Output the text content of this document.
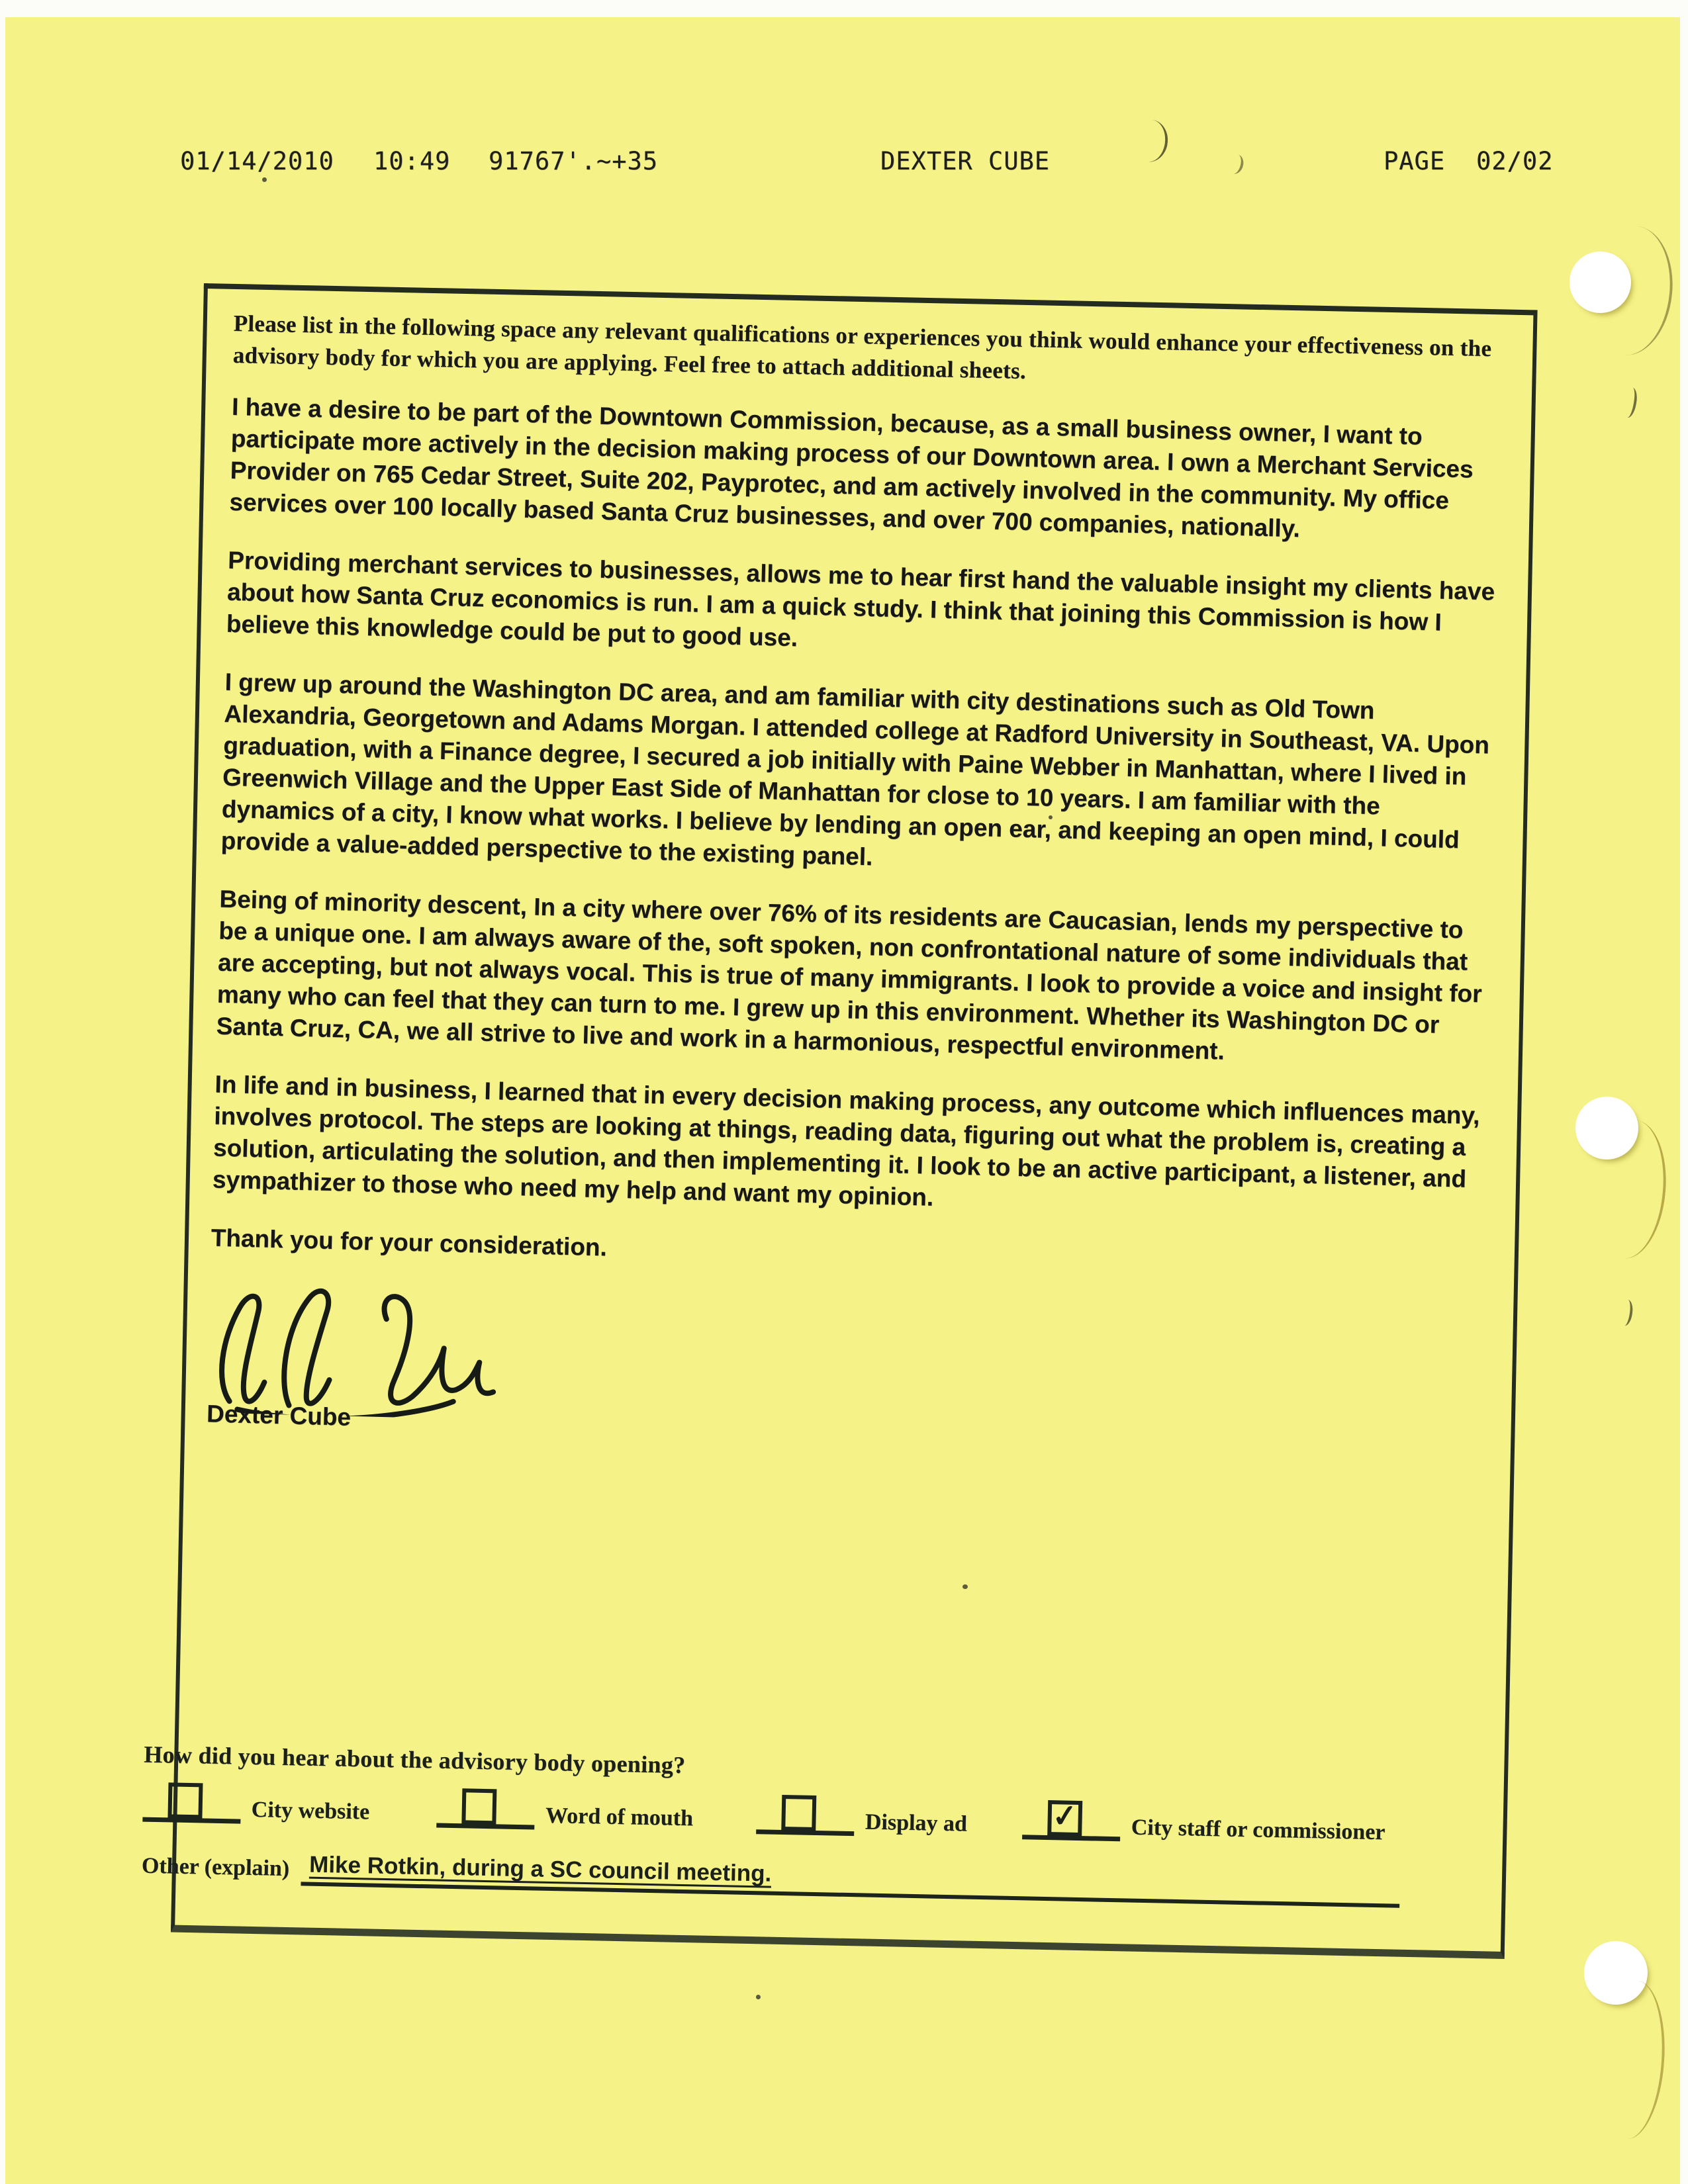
01/14/2010 10:49 91767'.~+35	DEXTER CUBE	PAGE 02/02
Please list in the following space any relevant qualifications or experiences you think would enhance your effectiveness on the advisory body for which you are applying. Feel free to attach additional sheets.

I have a desire to be part of the Downtown Commission, because, as a small business owner, I want to participate more actively in the decision making process of our Downtown area. I own a Merchant Services Provider on 765 Cedar Street, Suite 202, Payprotec, and am actively involved in the community. My office services over 100 locally based Santa Cruz businesses, and over 700 companies, nationally.

Providing merchant services to businesses, allows me to hear first hand the valuable insight my clients have about how Santa Cruz economics is run. I am a quick study. I think that joining this Commission is how I believe this knowledge could be put to good use.

I grew up around the Washington DC area, and am familiar with city destinations such as Old Town Alexandria, Georgetown and Adams Morgan. I attended college at Radford University in Southeast, VA. Upon graduation, with a Finance degree, I secured a job initially with Paine Webber in Manhattan, where I lived in Greenwich Village and the Upper East Side of Manhattan for close to 10 years. I am familiar with the dynamics of a city, I know what works. I believe by lending an open ear, and keeping an open mind, I could provide a value-added perspective to the existing panel.

Being of minority descent, In a city where over 76% of its residents are Caucasian, lends my perspective to be a unique one. I am always aware of the, soft spoken, non confrontational nature of some individuals that are accepting, but not always vocal. This is true of many immigrants. I look to provide a voice and insight for many who can feel that they can turn to me. I grew up in this environment. Whether its Washington DC or Santa Cruz, CA, we all strive to live and work in a harmonious, respectful environment.

In life and in business, I learned that in every decision making process, any outcome which influences many, involves protocol. The steps are looking at things, reading data, figuring out what the problem is, creating a solution, articulating the solution, and then implementing it. I look to be an active participant, a listener, and sympathizer to those who need my help and want my opinion.

Thank you for your consideration.

Dexter Cube

How did you hear about the advisory body opening?
City website	Word of mouth	Display ad	✓	City staff or commissioner
Other (explain) Mike Rotkin, during a SC council meeting.
